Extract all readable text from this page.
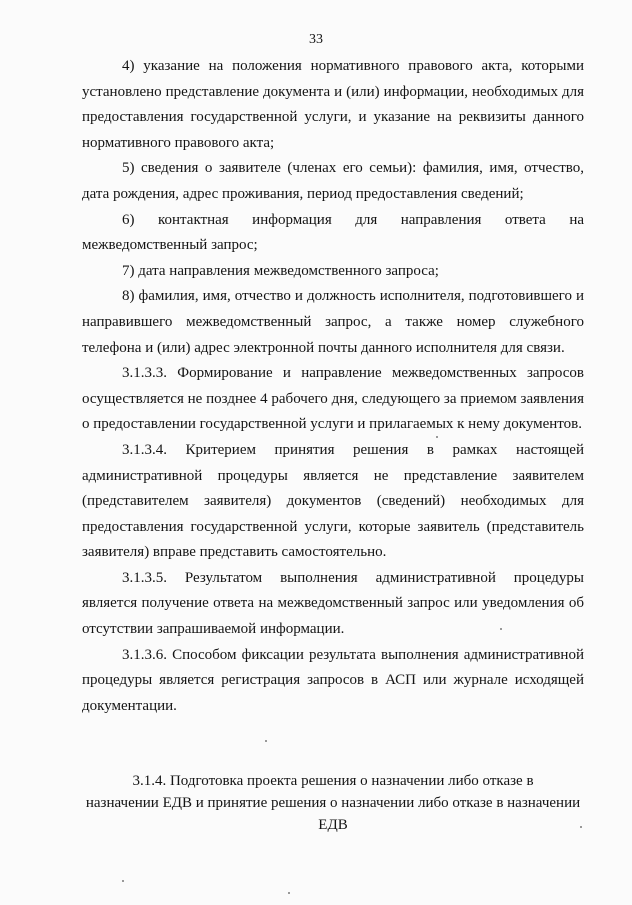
33

4) указание на положения нормативного правового акта, которыми установлено представление документа и (или) информации, необходимых для предоставления государственной услуги, и указание на реквизиты данного нормативного правового акта;

5) сведения о заявителе (членах его семьи): фамилия, имя, отчество, дата рождения, адрес проживания, период предоставления сведений;

6) контактная информация для направления ответа на межведомственный запрос;

7) дата направления межведомственного запроса;

8) фамилия, имя, отчество и должность исполнителя, подготовившего и направившего межведомственный запрос, а также номер служебного телефона и (или) адрес электронной почты данного исполнителя для связи.

3.1.3.3. Формирование и направление межведомственных запросов осуществляется не позднее 4 рабочего дня, следующего за приемом заявления о предоставлении государственной услуги и прилагаемых к нему документов.

3.1.3.4. Критерием принятия решения в рамках настоящей административной процедуры является не представление заявителем (представителем заявителя) документов (сведений) необходимых для предоставления государственной услуги, которые заявитель (представитель заявителя) вправе представить самостоятельно.

3.1.3.5. Результатом выполнения административной процедуры является получение ответа на межведомственный запрос или уведомления об отсутствии запрашиваемой информации.

3.1.3.6. Способом фиксации результата выполнения административной процедуры является регистрация запросов в АСП или журнале исходящей документации.

3.1.4. Подготовка проекта решения о назначении либо отказе в
назначении ЕДВ и принятие решения о назначении либо отказе в назначении
ЕДВ
